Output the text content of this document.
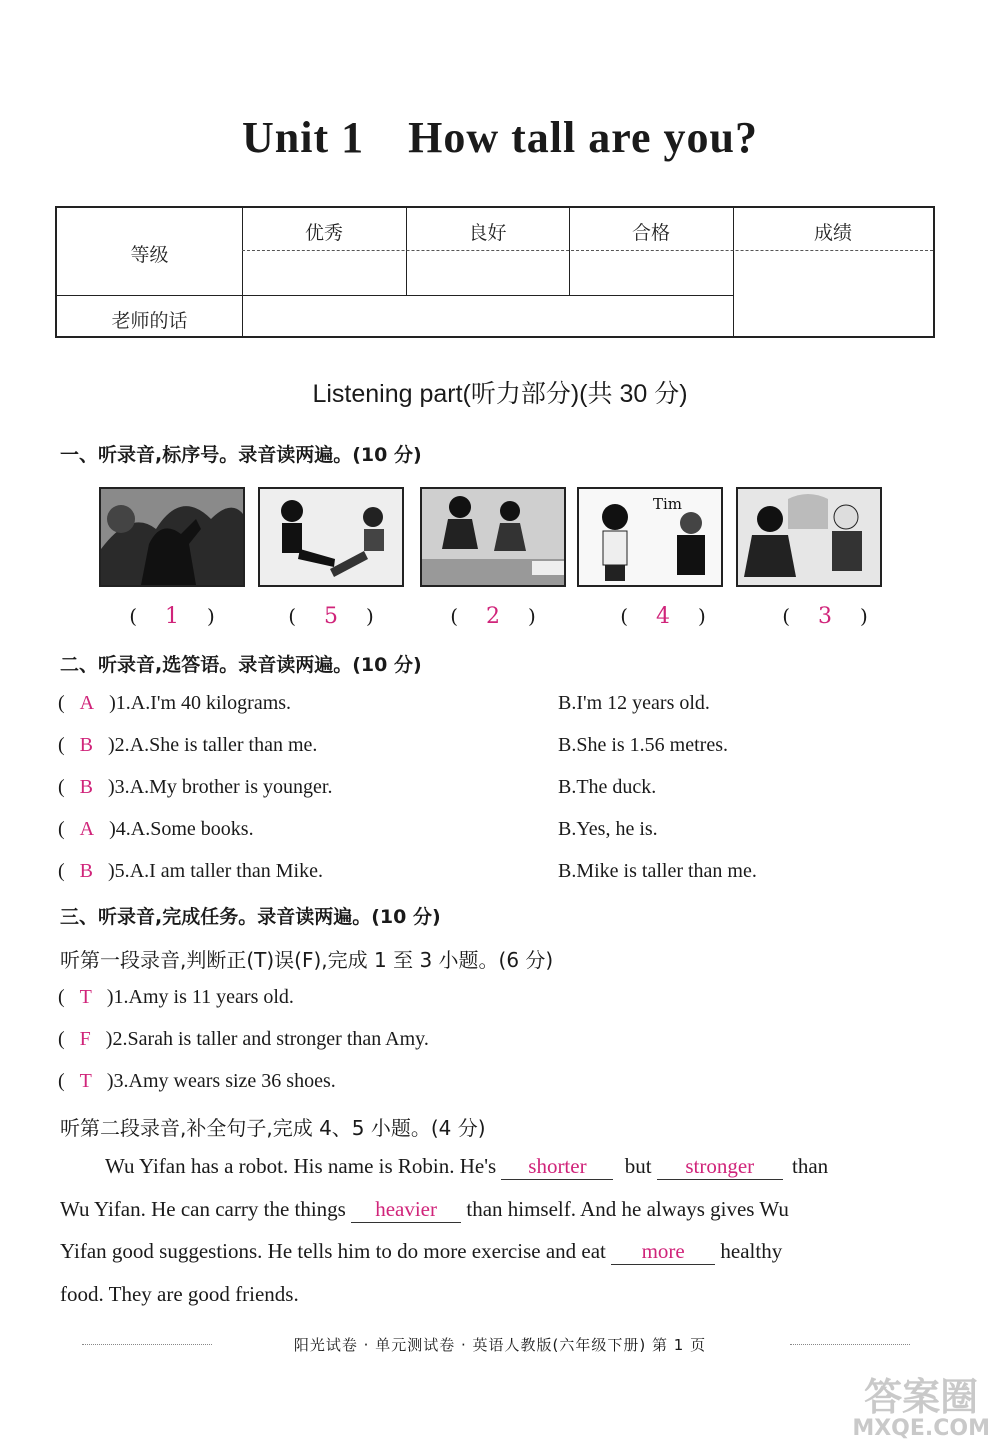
Unit 1 How tall are you?
等级
优秀	良好	合格	成绩
老师的话
Listening part(听力部分)(共 30 分)
一、听录音,标序号。录音读两遍。(10 分)
Tim
( 1 )	( 5 )	( 2 )	( 4 )	( 3 )
二、听录音,选答语。录音读两遍。(10 分)
(   A )1.A.I'm 40 kilograms.	B.I'm 12 years old.
(   B )2.A.She is taller than me.	B.She is 1.56 metres.
(   B )3.A.My brother is younger.	B.The duck.
(   A )4.A.Some books.	B.Yes, he is.
(   B )5.A.I am taller than Mike.	B.Mike is taller than me.
三、听录音,完成任务。录音读两遍。(10 分)
听第一段录音,判断正(T)误(F),完成 1 至 3 小题。(6 分)
(   T )1.Amy is 11 years old.
(   F )2.Sarah is taller and stronger than Amy.
(   T )3.Amy wears size 36 shoes.
听第二段录音,补全句子,完成 4、5 小题。(4 分)
Wu Yifan has a robot. His name is Robin. He's shorter but stronger than
Wu Yifan. He can carry the things heavier than himself. And he always gives Wu
Yifan good suggestions. He tells him to do more exercise and eat more healthy
food. They are good friends.
阳光试卷 · 单元测试卷 · 英语人教版(六年级下册) 第 1 页
答案圈
MXQE.COM
